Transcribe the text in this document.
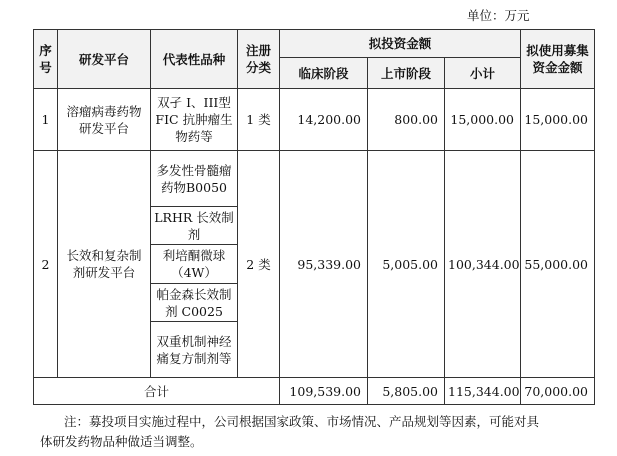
单位：万元
序号	研发平台	代表性品种	注册分类	拟投资金额			拟使用募集资金金额
				临床阶段	上市阶段	小计	
1	溶瘤病毒药物研发平台	双孑 I、III型FIC 抗肿瘤生物药等	1 类	14,200.00	800.00	15,000.00	15,000.00
2	长效和复杂制剂研发平台	多发性骨髓瘤药物B0050	2 类	95,339.00	5,005.00	100,344.00	55,000.00
		LRHR 长效制剂					
		利培酮微球（4W）					
		帕金森长效制剂 C0025					
		双重机制神经痛复方制剂等					
合计				109,539.00	5,805.00	115,344.00	70,000.00
注：募投项目实施过程中，公司根据国家政策、市场情况、产品规划等因素，可能对具
体研发药物品种做适当调整。
